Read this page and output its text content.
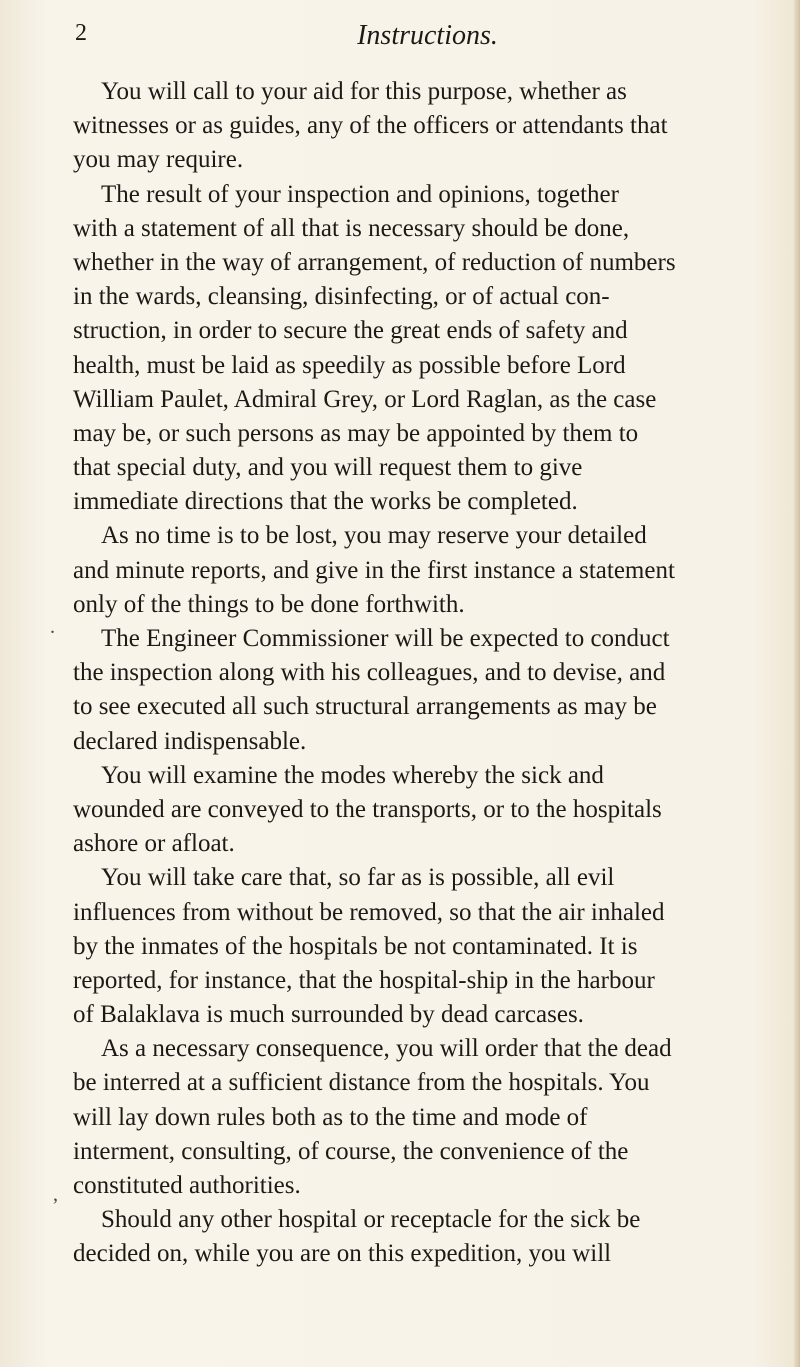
2	Instructions.
You will call to your aid for this purpose, whether as
witnesses or as guides, any of the officers or attendants that
you may require.
The result of your inspection and opinions, together
with a statement of all that is necessary should be done,
whether in the way of arrangement, of reduction of numbers
in the wards, cleansing, disinfecting, or of actual con-
struction, in order to secure the great ends of safety and
health, must be laid as speedily as possible before Lord
William Paulet, Admiral Grey, or Lord Raglan, as the case
may be, or such persons as may be appointed by them to
that special duty, and you will request them to give
immediate directions that the works be completed.
As no time is to be lost, you may reserve your detailed
and minute reports, and give in the first instance a statement
only of the things to be done forthwith.
The Engineer Commissioner will be expected to conduct
the inspection along with his colleagues, and to devise, and
to see executed all such structural arrangements as may be
declared indispensable.
You will examine the modes whereby the sick and
wounded are conveyed to the transports, or to the hospitals
ashore or afloat.
You will take care that, so far as is possible, all evil
influences from without be removed, so that the air inhaled
by the inmates of the hospitals be not contaminated. It is
reported, for instance, that the hospital-ship in the harbour
of Balaklava is much surrounded by dead carcases.
As a necessary consequence, you will order that the dead
be interred at a sufficient distance from the hospitals. You
will lay down rules both as to the time and mode of
interment, consulting, of course, the convenience of the
constituted authorities.
Should any other hospital or receptacle for the sick be
decided on, while you are on this expedition, you will
.
ʼ
